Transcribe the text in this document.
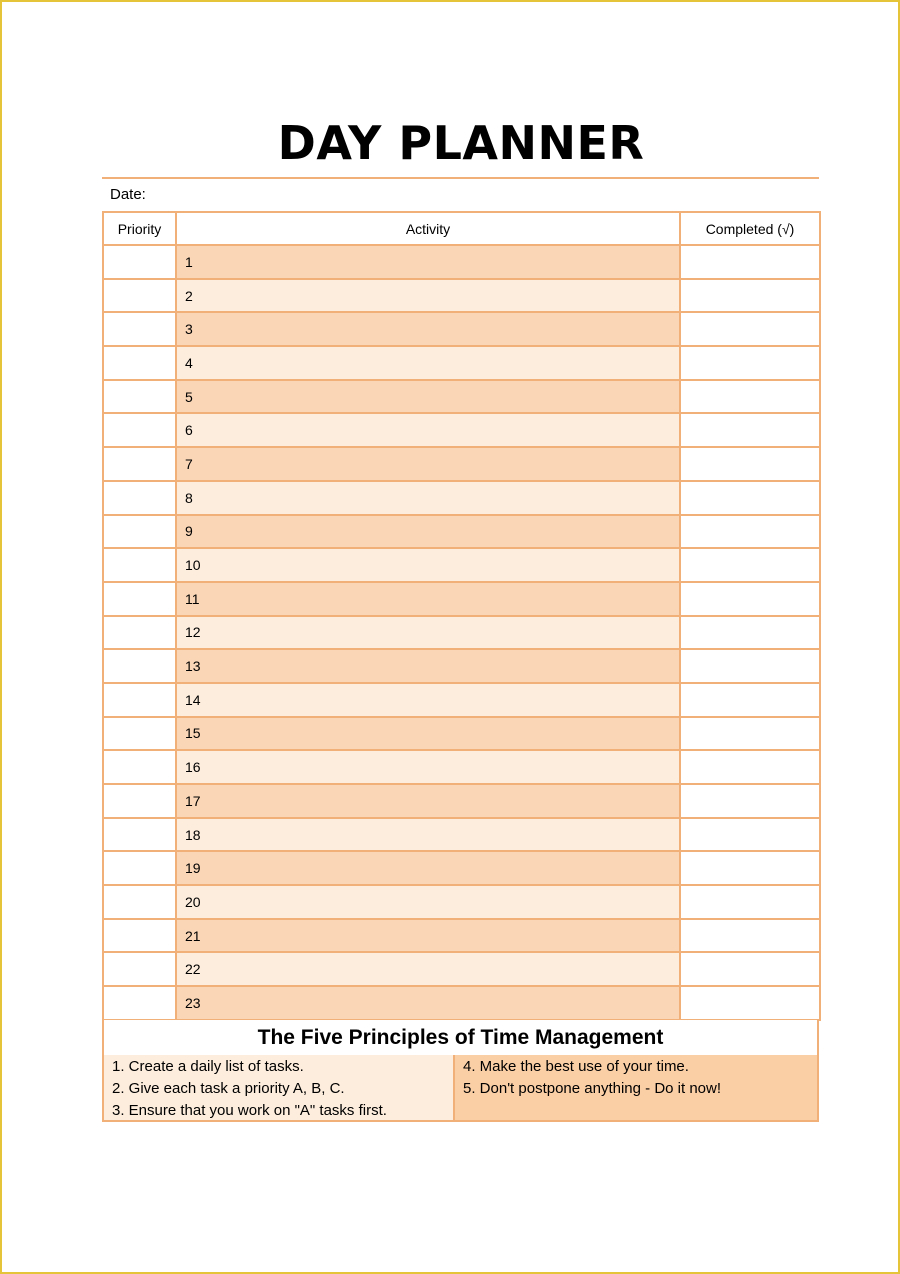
DAY PLANNER
Date:
Priority	Activity	Completed (√)
	1	
	2	
	3	
	4	
	5	
	6	
	7	
	8	
	9	
	10	
	11	
	12	
	13	
	14	
	15	
	16	
	17	
	18	
	19	
	20	
	21	
	22	
	23	
The Five Principles of Time Management

1. Create a daily list of tasks.

2. Give each task a priority A, B, C.

3. Ensure that you work on "A" tasks first.

4. Make the best use of your time.

5. Don't postpone anything - Do it now!
